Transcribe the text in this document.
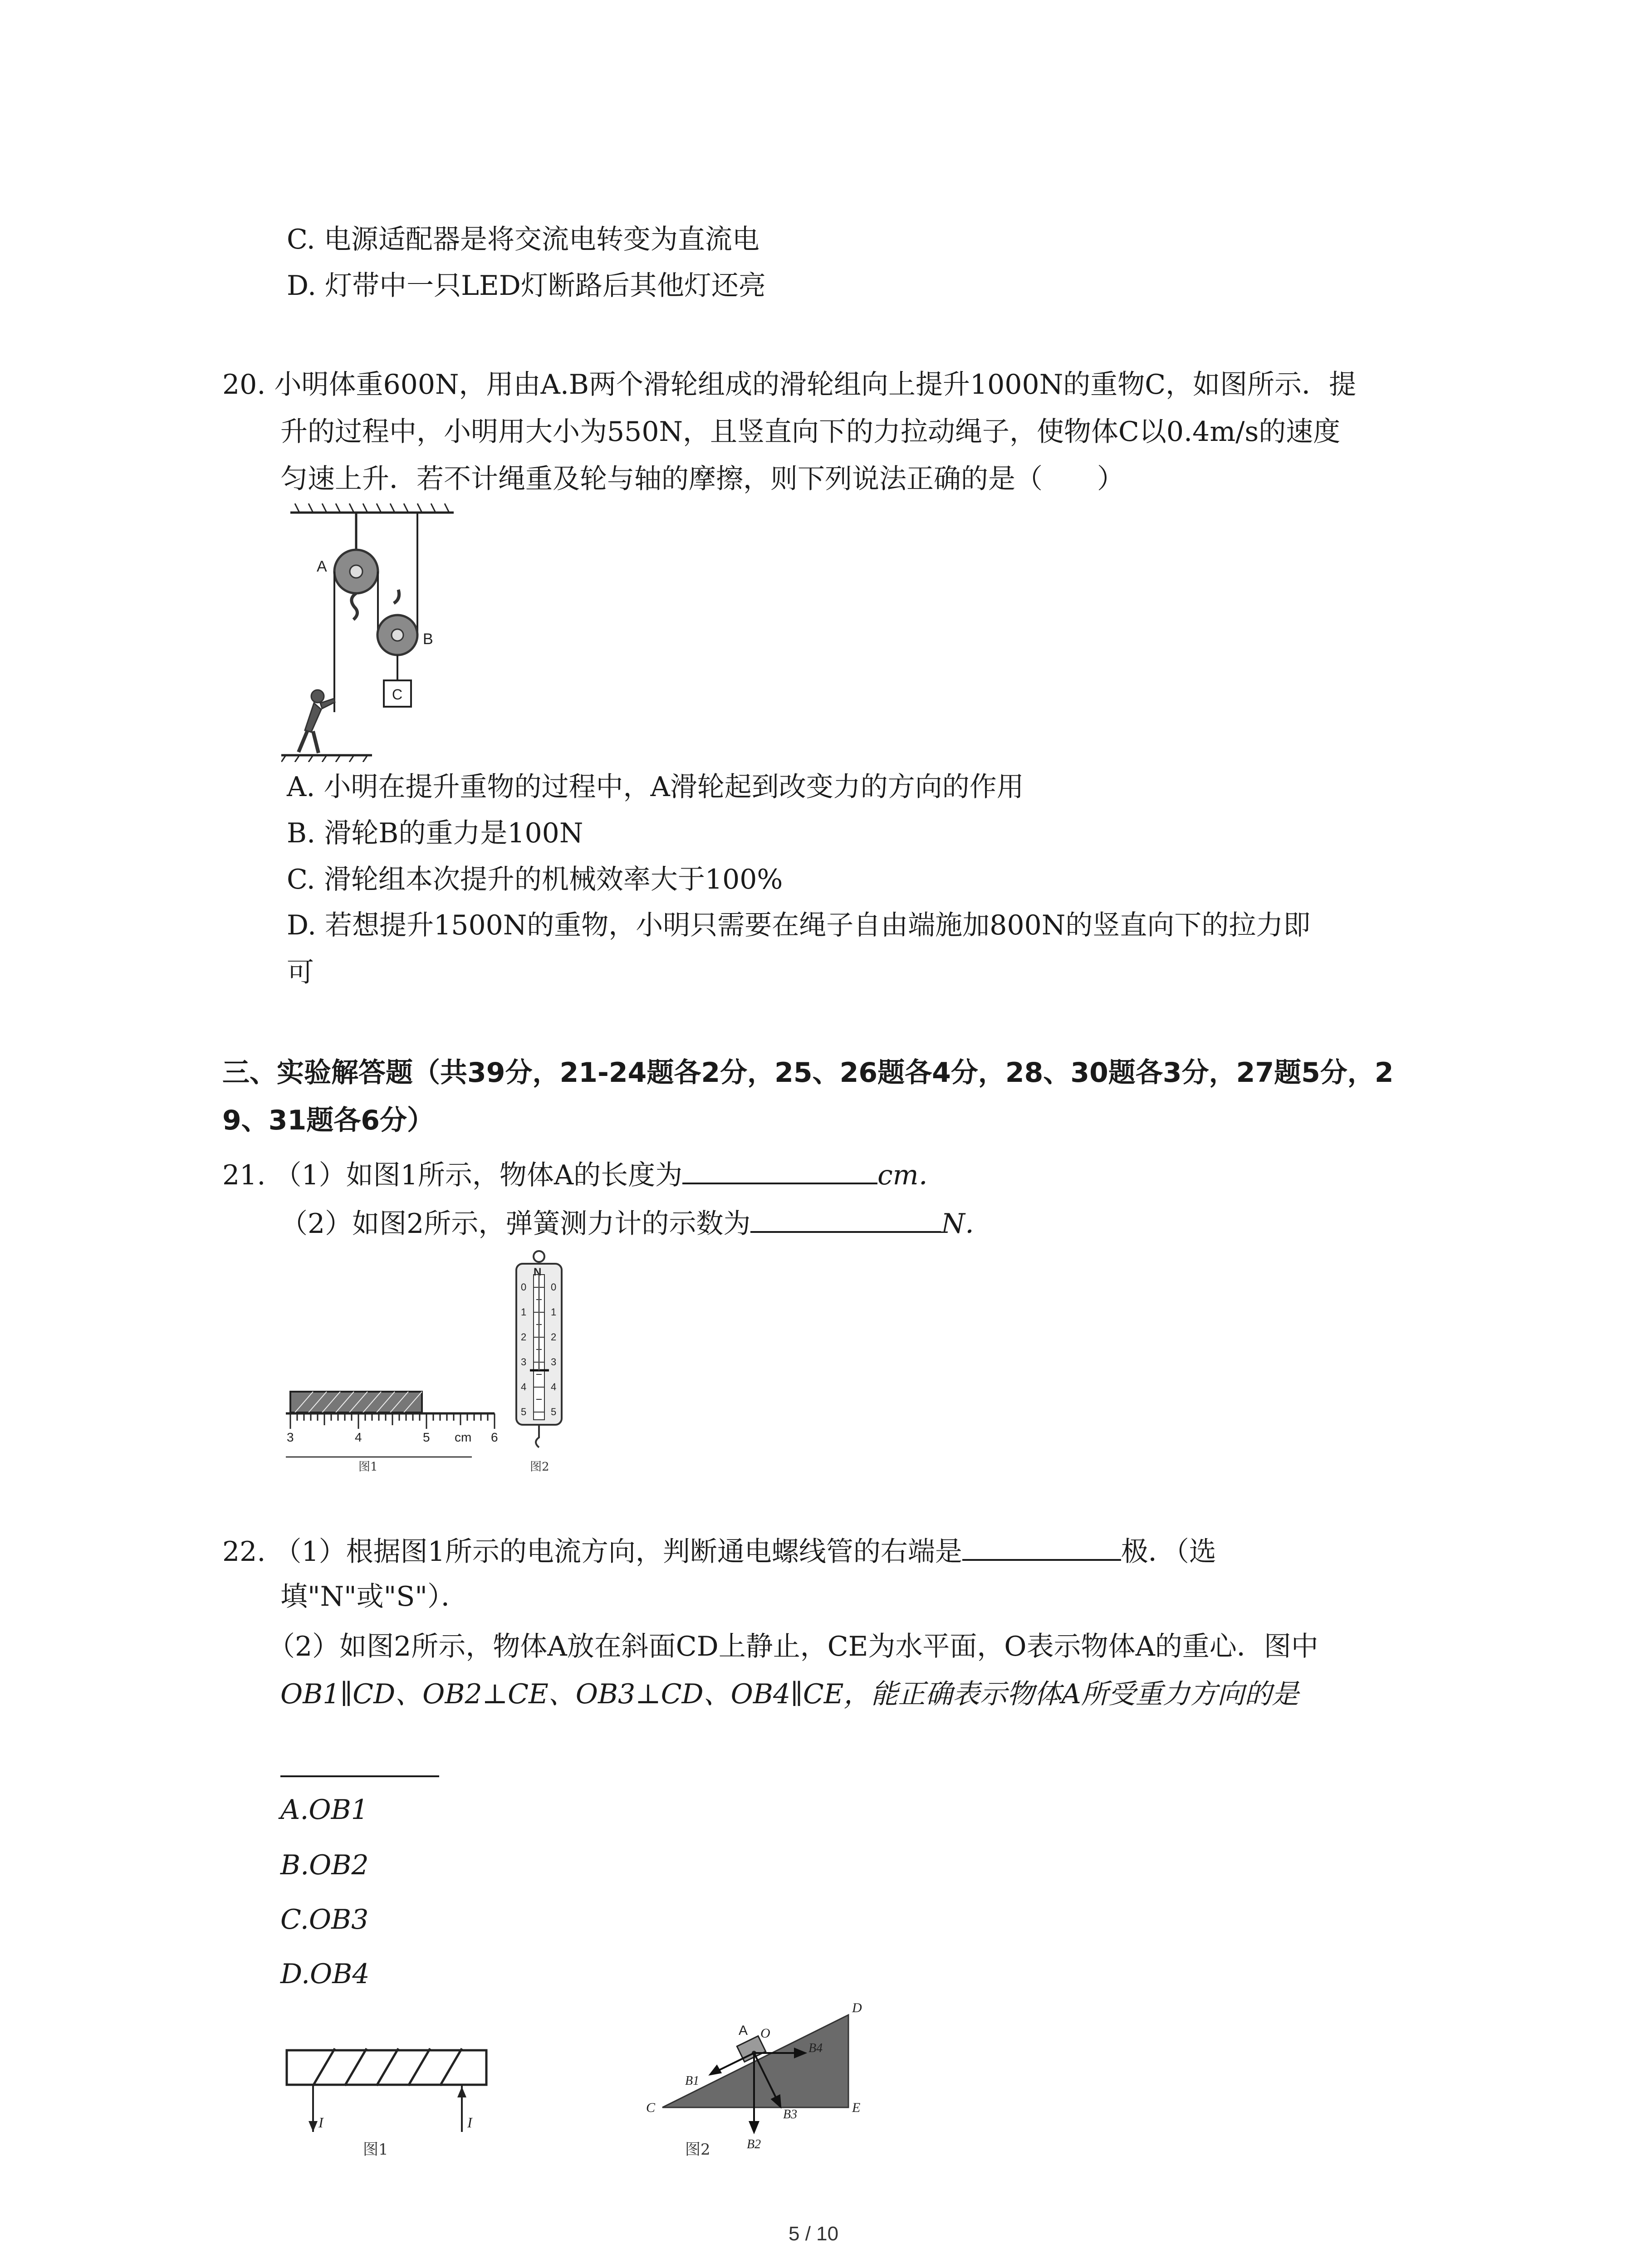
C. 电源适配器是将交流电转变为直流电
D. 灯带中一只LED灯断路后其他灯还亮
20. 小明体重600N，用由A.B两个滑轮组成的滑轮组向上提升1000N的重物C，如图所示．提
升的过程中，小明用大小为550N，且竖直向下的力拉动绳子，使物体C以0.4m/s的速度
匀速上升．若不计绳重及轮与轴的摩擦，则下列说法正确的是（　　）
A
B
C
A. 小明在提升重物的过程中，A滑轮起到改变力的方向的作用
B. 滑轮B的重力是100N
C. 滑轮组本次提升的机械效率大于100%
D. 若想提升1500N的重物，小明只需要在绳子自由端施加800N的竖直向下的拉力即
可
三、实验解答题（共39分，21-24题各2分，25、26题各4分，28、30题各3分，27题5分，2
9、31题各6分）
21. （1）如图1所示，物体A的长度为	cm．
（2）如图2所示，弹簧测力计的示数为	N．
3	4	5 cm 6
图1
N
0
1
2
3
4
5
0
1
2
3
4
5
图2
22. （1）根据图1所示的电流方向，判断通电螺线管的右端是	极．（选
填"N"或"S"）．
（2）如图2所示，物体A放在斜面CD上静止，CE为水平面，O表示物体A的重心．图中
OB1∥CD、OB2⊥CE、OB3⊥CD、OB4∥CE，能正确表示物体A所受重力方向的是
A.OB1
B.OB2
C.OB3
D.OB4
I	I
图1
A O
D
C	E
B1
B2
B3
B4
图2
5 / 10
